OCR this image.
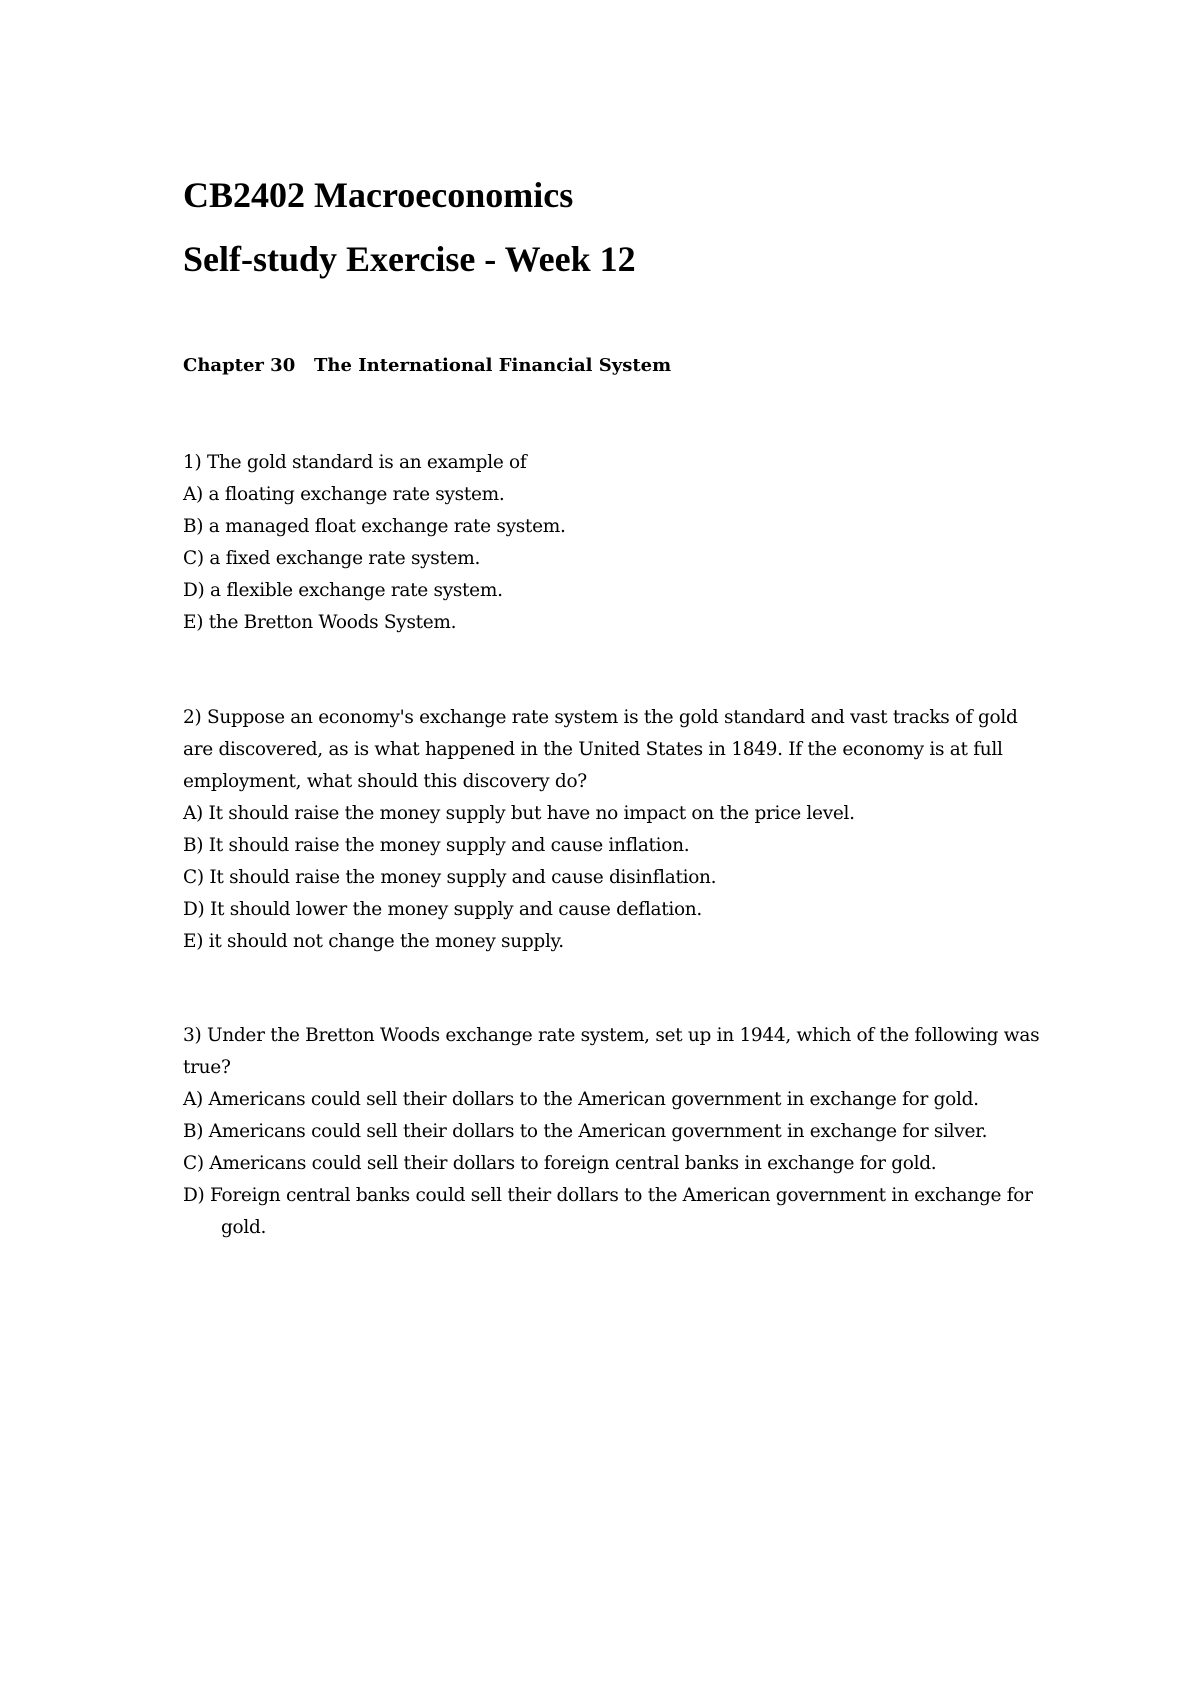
CB2402 Macroeconomics
Self-study Exercise - Week 12

Chapter 30   The International Financial System

1) The gold standard is an example of

A) a floating exchange rate system.
B) a managed float exchange rate system.
C) a fixed exchange rate system.
D) a flexible exchange rate system.
E) the Bretton Woods System.

2) Suppose an economy's exchange rate system is the gold standard and vast tracks of gold are discovered, as is what happened in the United States in 1849. If the economy is at full employment, what should this discovery do?

A) It should raise the money supply but have no impact on the price level.
B) It should raise the money supply and cause inflation.
C) It should raise the money supply and cause disinflation.
D) It should lower the money supply and cause deflation.
E) it should not change the money supply.

3) Under the Bretton Woods exchange rate system, set up in 1944, which of the following was true?

A) Americans could sell their dollars to the American government in exchange for gold.
B) Americans could sell their dollars to the American government in exchange for silver.
C) Americans could sell their dollars to foreign central banks in exchange for gold.
D) Foreign central banks could sell their dollars to the American government in exchange for gold.
